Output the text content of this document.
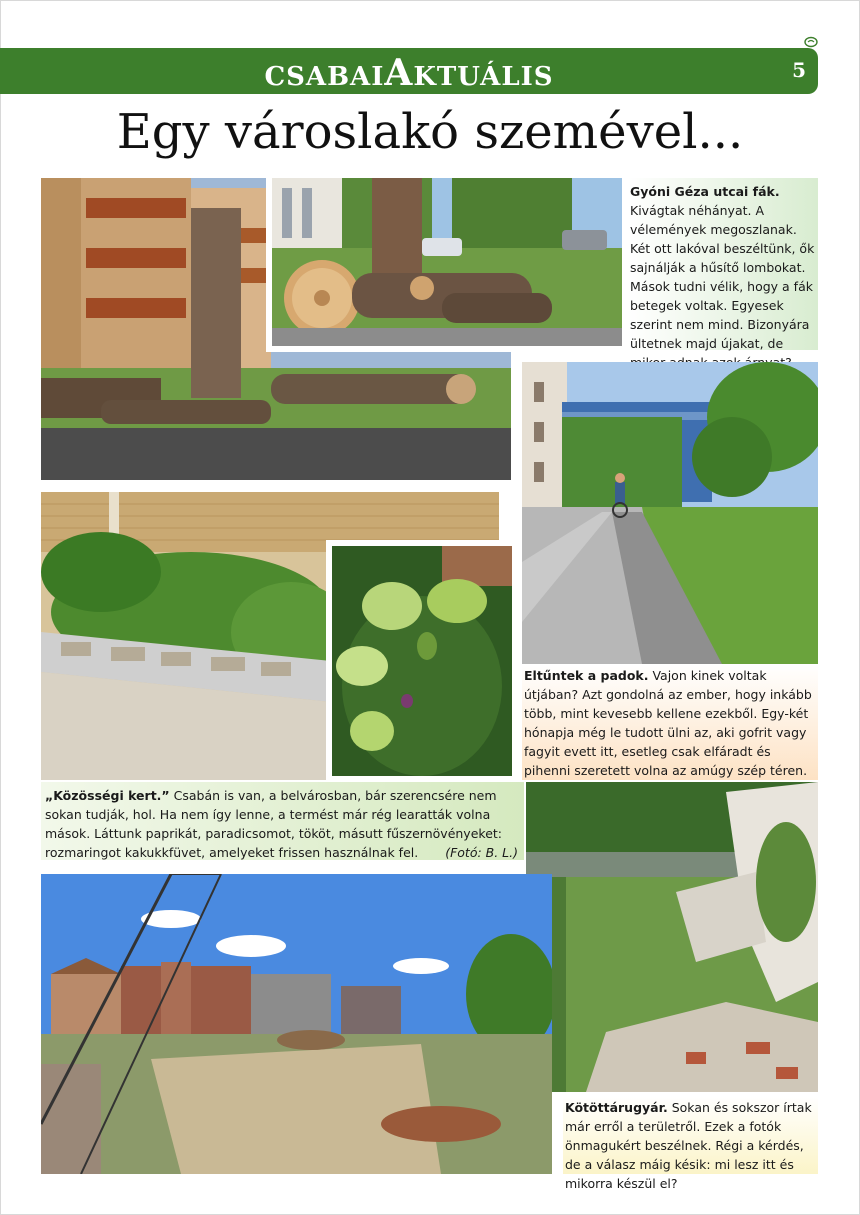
CSABAIAKTUÁLIS	5
Egy városlakó szemével...
Gyóni Géza utcai fák. Kivágtak néhányat. A vélemények megoszlanak. Két ott lakóval beszéltünk, ők sajnálják a hűsítő lombokat. Mások tudni vélik, hogy a fák betegek voltak. Egyesek szerint nem mind. Bizonyára ültetnek majd újakat, de
Eltűntek a padok. Vajon kinek voltak útjában? Azt gondolná az ember, hogy inkább több, mint kevesebb kellene ezekből. Egy-két hónapja még le tudott ülni az, aki gofrit vagy fagyit evett itt, esetleg csak elfáradt és pihenni szeretett volna az amúgy szép téren.
„Közösségi kert.” Csabán is van, a belvárosban, bár szerencsére nem sokan tudják, hol. Ha nem így lenne, a termést már rég learatták volna mások. Láttunk paprikát, paradicsomot, tököt, másutt fűszernövényeket: rozmaringot kakukkfüvet, amelyeket frissen használnak fel. (Fotó: B. L.)
Kötöttárugyár. Sokan és sokszor írtak már erről a területről. Ezek a fotók önmagukért beszélnek. Régi a kérdés, de a válasz máig késik: mi lesz itt és mikorra készül el?
